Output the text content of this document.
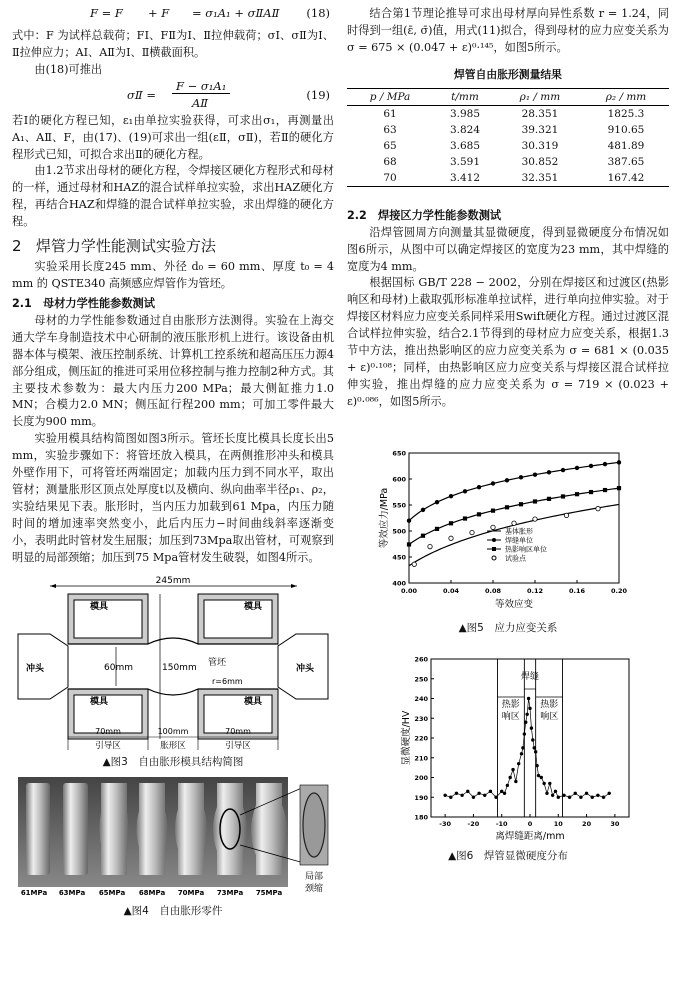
F = F + F = σ₁A₁ + σⅡAⅡ (18)

式中：F 为试样总载荷；FⅠ、FⅡ为Ⅰ、Ⅱ拉伸载荷；σⅠ、σⅡ为Ⅰ、Ⅱ拉伸应力；AⅠ、AⅡ为Ⅰ、Ⅱ横截面积。

由(18)可推出

σⅡ =
F − σ₁A₁
AⅡ
(19)

若Ⅰ的硬化方程已知，ε₁由单拉实验获得，可求出σ₁，再测量出A₁、AⅡ、F，由(17)、(19)可求出一组(εⅡ，σⅡ)，若Ⅱ的硬化方程形式已知，可拟合求出Ⅱ的硬化方程。

由1.2节求出母材的硬化方程，令焊接区硬化方程形式和母材的一样，通过母材和HAZ的混合试样单拉实验，求出HAZ硬化方程，再结合HAZ和焊缝的混合试样单拉实验，求出焊缝的硬化方程。

2 焊管力学性能测试实验方法

实验采用长度245 mm、外径 d₀ = 60 mm、厚度 t₀ = 4 mm 的 QSTE340 高频感应焊管作为管坯。

2.1　母材力学性能参数测试

母材的力学性能参数通过自由胀形方法测得。实验在上海交通大学车身制造技术中心研制的液压胀形机上进行。该设备由机器本体与模架、液压控制系统、计算机工控系统和超高压压力源4部分组成，侧压缸的推进可采用位移控制与推力控制2种方式。其主要技术参数为：最大内压力200 MPa；最大侧缸推力1.0 MN；合模力2.0 MN；侧压缸行程200 mm；可加工零件最大长度为900 mm。

实验用模具结构简图如图3所示。管坯长度比模具长度长出5 mm，实验步骤如下：将管坯放入模具，在两侧推形冲头和模具外壁作用下，可将管坯两端固定；加载内压力到不同水平，取出管材；测量胀形区顶点处厚度t以及横向、纵向曲率半径ρ₁、ρ₂，实验结果见下表。胀形时，当内压力加载到61 Mpa，内压力随时间的增加速率突然变小，此后内压力−时间曲线斜率逐渐变小，表明此时管材发生屈服；加压到73Mpa取出管材，可观察到明显的局部颈缩；加压到75 Mpa管材发生破裂，如图4所示。

245mm
模具	模具
模具	模具
冲头	冲头
60mm	150mm 管坯
r=6mm
70mm	100mm	70mm
引导区	胀形区	引导区
▲图3　自由胀形模具结构简图
61MPa 63MPa 65MPa 68MPa 70MPa 73MPa 75MPa
局部
颈缩
▲图4　自由胀形零件

结合第1节理论推导可求出母材厚向异性系数 r = 1.24，同时得到一组(ε̄, σ̄)值，用式(11)拟合，得到母材的应力应变关系为 σ = 675 × (0.047 + ε)⁰·¹⁴⁵，如图5所示。

焊管自由胀形测量结果
p / MPa	t/mm	ρ₁ / mm	ρ₂ / mm
61	3.985	28.351	1825.3
63	3.824	39.321	910.65
65	3.685	30.319	481.89
68	3.591	30.852	387.65
70	3.412	32.351	167.42
2.2　焊接区力学性能参数测试

沿焊管圆周方向测量其显微硬度，得到显微硬度分布情况如图6所示，从图中可以确定焊接区的宽度为23 mm，其中焊缝的宽度为4 mm。

根据国标 GB/T 228 − 2002，分别在焊接区和过渡区(热影响区和母材)上截取弧形标准单拉试样，进行单向拉伸实验。对于焊接区材料应力应变关系同样采用Swift硬化方程。通过过渡区混合试样拉伸实验，结合2.1节得到的母材应力应变关系，根据1.3节中方法，推出热影响区的应力应变关系为 σ = 681 × (0.035 + ε)⁰·¹⁰⁸；同样，由热影响区应力应变关系与焊接区混合试样拉伸实验，推出焊缝的应力应变关系为 σ = 719 × (0.023 + ε)⁰·⁰⁸⁶，如图5所示。

0.00	0.04	0.08	0.12	0.16	0.20
400
450
500
550
600
650
等效应变
等效应力/MPa	基体胀形
焊缝单位
热影响区单位
试验点
▲图5　应力应变关系
-30	-20	-10	0	10	20	30
180
190
200
210
220
230
240
250
260
离焊缝距离/mm
显微硬度/HV
焊缝
热影
响区
热影
响区
▲图6　焊管显微硬度分布
